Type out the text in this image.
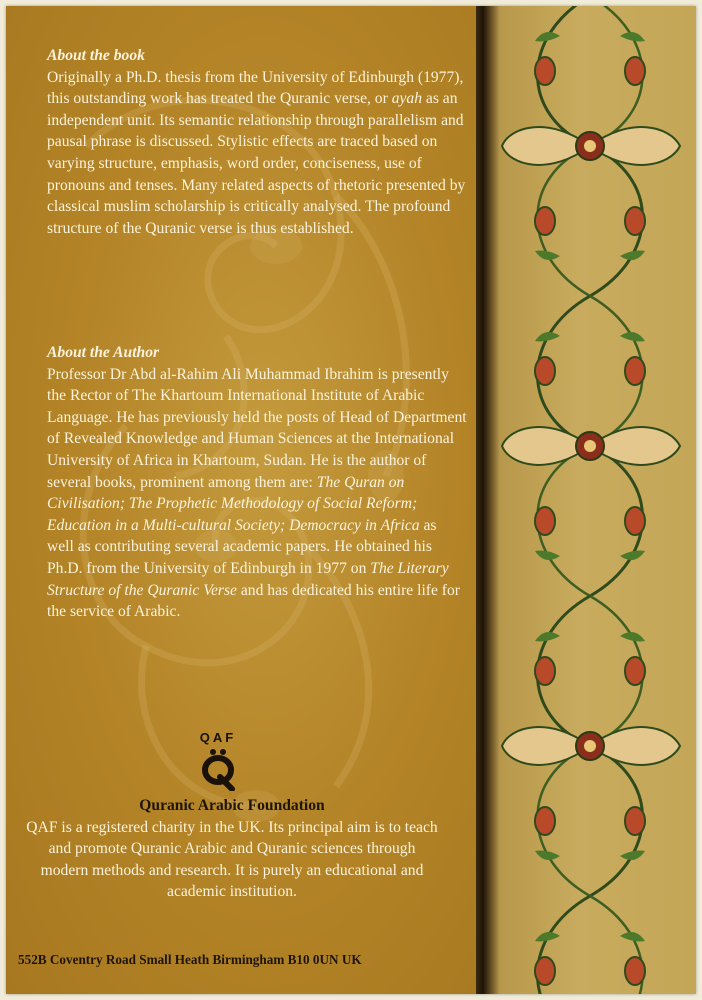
About the book
Originally a Ph.D. thesis from the University of Edinburgh (1977), this outstanding work has treated the Quranic verse, or ayah as an independent unit. Its semantic relationship through parallelism and pausal phrase is discussed. Stylistic effects are traced based on varying structure, emphasis, word order, conciseness, use of pronouns and tenses. Many related aspects of rhetoric presented by classical muslim scholarship is critically analysed. The profound structure of the Quranic verse is thus established.
About the Author
Professor Dr Abd al-Rahim Ali Muhammad Ibrahim is presently the Rector of The Khartoum International Institute of Arabic Language. He has previously held the posts of Head of Department of Revealed Knowledge and Human Sciences at the International University of Africa in Khartoum, Sudan. He is the author of several books, prominent among them are: The Quran on Civilisation; The Prophetic Methodology of Social Reform; Education in a Multi-cultural Society; Democracy in Africa as well as contributing several academic papers. He obtained his Ph.D. from the University of Edinburgh in 1977 on The Literary Structure of the Quranic Verse and has dedicated his entire life for the service of Arabic.
QAF
Quranic Arabic Foundation
QAF is a registered charity in the UK. Its principal aim is to teach and promote Quranic Arabic and Quranic sciences through modern methods and research. It is purely an educational and academic institution.
552B Coventry Road Small Heath Birmingham B10 0UN UK
